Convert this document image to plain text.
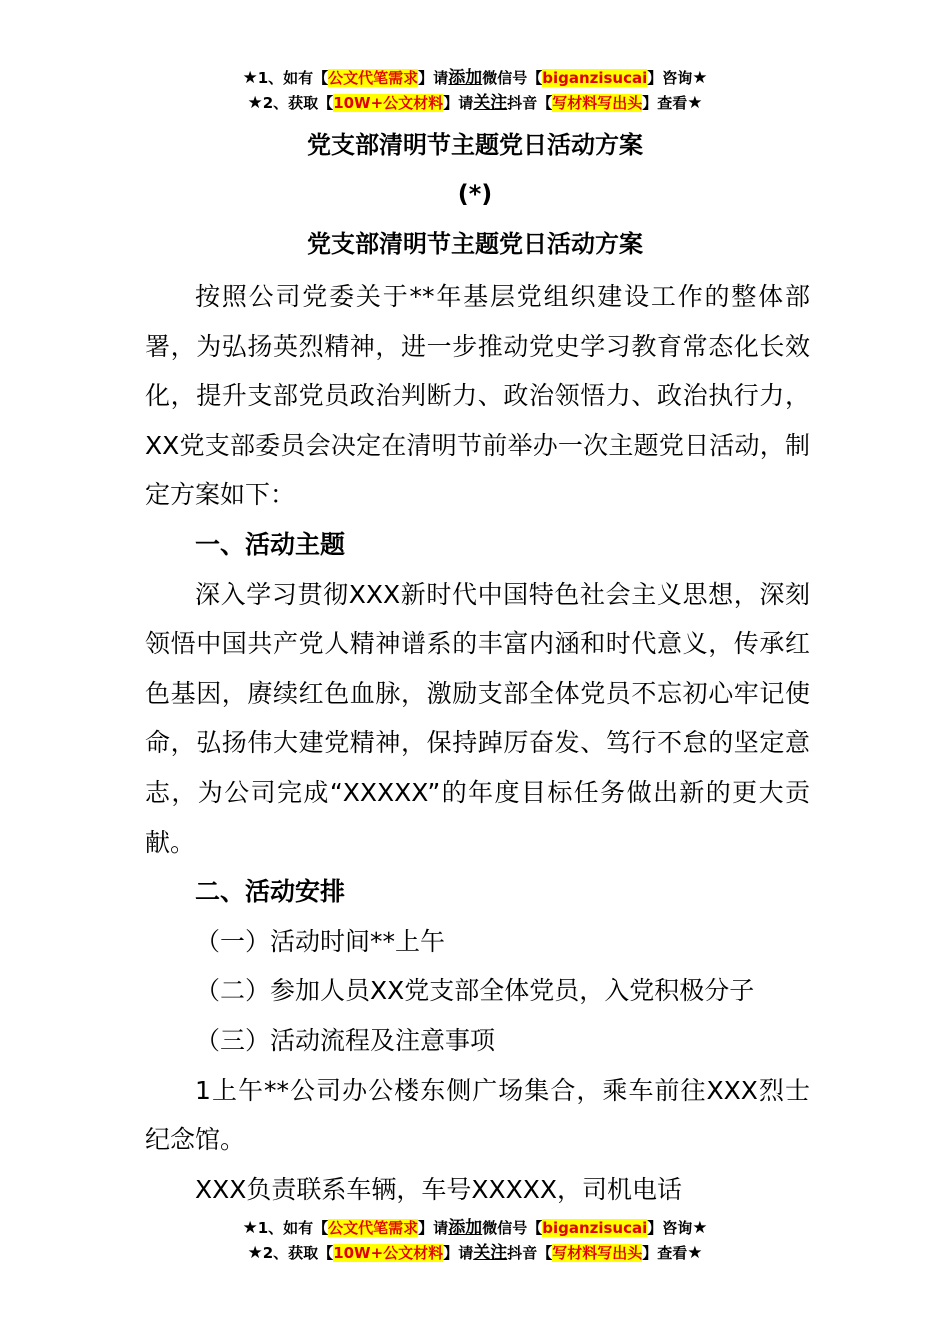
★1、如有【公文代笔需求】请添加微信号【biganzisucai】咨询★
★2、获取【10W+公文材料】请关注抖音【写材料写出头】查看★
党支部清明节主题党日活动方案
(*)
党支部清明节主题党日活动方案

按照公司党委关于**年基层党组织建设工作的整体部署，为弘扬英烈精神，进一步推动党史学习教育常态化长效化，提升支部党员政治判断力、政治领悟力、政治执行力，XX党支部委员会决定在清明节前举办一次主题党日活动，制定方案如下：

一、活动主题

深入学习贯彻XXX新时代中国特色社会主义思想，深刻领悟中国共产党人精神谱系的丰富内涵和时代意义，传承红色基因，赓续红色血脉，激励支部全体党员不忘初心牢记使命，弘扬伟大建党精神，保持踔厉奋发、笃行不怠的坚定意志，为公司完成“XXXXX”的年度目标任务做出新的更大贡献。

二、活动安排

（一）活动时间**上午

（二）参加人员XX党支部全体党员，入党积极分子

（三）活动流程及注意事项

1上午**公司办公楼东侧广场集合，乘车前往XXX烈士纪念馆。

XXX负责联系车辆，车号XXXXX，司机电话

★1、如有【公文代笔需求】请添加微信号【biganzisucai】咨询★
★2、获取【10W+公文材料】请关注抖音【写材料写出头】查看★
